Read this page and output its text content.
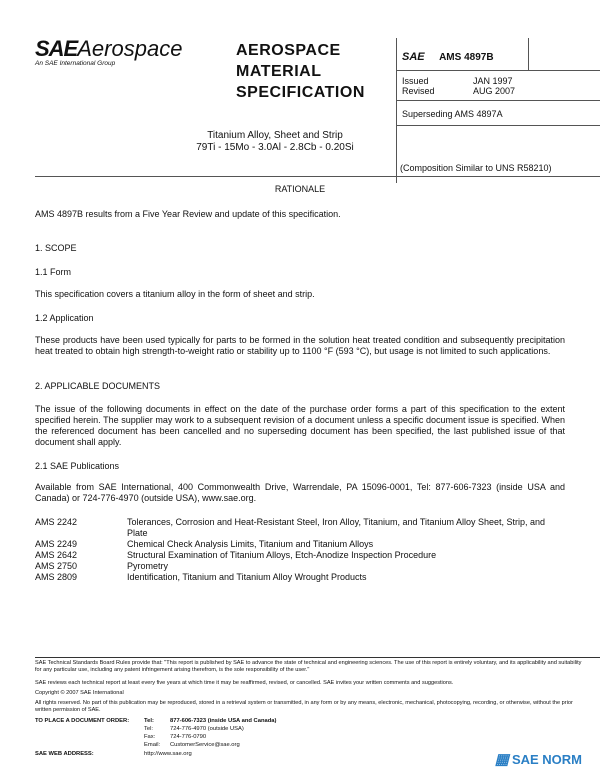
SAEAerospace
An SAE International Group
AEROSPACE
MATERIAL
SPECIFICATION
SAE AMS 4897B
Issued	JAN 1997
Revised	AUG 2007
Superseding AMS 4897A
Titanium Alloy, Sheet and Strip
79Ti - 15Mo - 3.0Al - 2.8Cb - 0.20Si
(Composition Similar to UNS R58210)
RATIONALE
AMS 4897B results from a Five Year Review and update of this specification.
1. SCOPE
1.1 Form
This specification covers a titanium alloy in the form of sheet and strip.
1.2 Application

These products have been used typically for parts to be formed in the solution heat treated condition and subsequently precipitation heat treated to obtain high strength-to-weight ratio or stability up to 1100 °F (593 °C), but usage is not limited to such applications.

2. APPLICABLE DOCUMENTS

The issue of the following documents in effect on the date of the purchase order forms a part of this specification to the extent specified herein. The supplier may work to a subsequent revision of a document unless a specific document issue is specified. When the referenced document has been cancelled and no superseding document has been specified, the last published issue of that document shall apply.

2.1 SAE Publications

Available from SAE International, 400 Commonwealth Drive, Warrendale, PA 15096-0001, Tel: 877-606-7323 (inside USA and Canada) or 724-776-4970 (outside USA), www.sae.org.

AMS 2242	Tolerances, Corrosion and Heat-Resistant Steel, Iron Alloy, Titanium, and Titanium Alloy Sheet, Strip, and Plate
AMS 2249	Chemical Check Analysis Limits, Titanium and Titanium Alloys
AMS 2642	Structural Examination of Titanium Alloys, Etch-Anodize Inspection Procedure
AMS 2750	Pyrometry
AMS 2809	Identification, Titanium and Titanium Alloy Wrought Products
SAE Technical Standards Board Rules provide that: "This report is published by SAE to advance the state of technical and engineering sciences. The use of this report is entirely voluntary, and its applicability and suitability for any particular use, including any patent infringement arising therefrom, is the sole responsibility of the user."
SAE reviews each technical report at least every five years at which time it may be reaffirmed, revised, or cancelled. SAE invites your written comments and suggestions.
Copyright © 2007 SAE International
All rights reserved. No part of this publication may be reproduced, stored in a retrieval system or transmitted, in any form or by any means, electronic, mechanical, photocopying, recording, or otherwise, without the prior written permission of SAE.
TO PLACE A DOCUMENT ORDER:	Tel:	877-606-7323 (inside USA and Canada)
Tel:	724-776-4970 (outside USA)
Fax:	724-776-0790
Email: CustomerService@sae.org
SAE WEB ADDRESS:	http://www.sae.org	▦ SAE NORM
